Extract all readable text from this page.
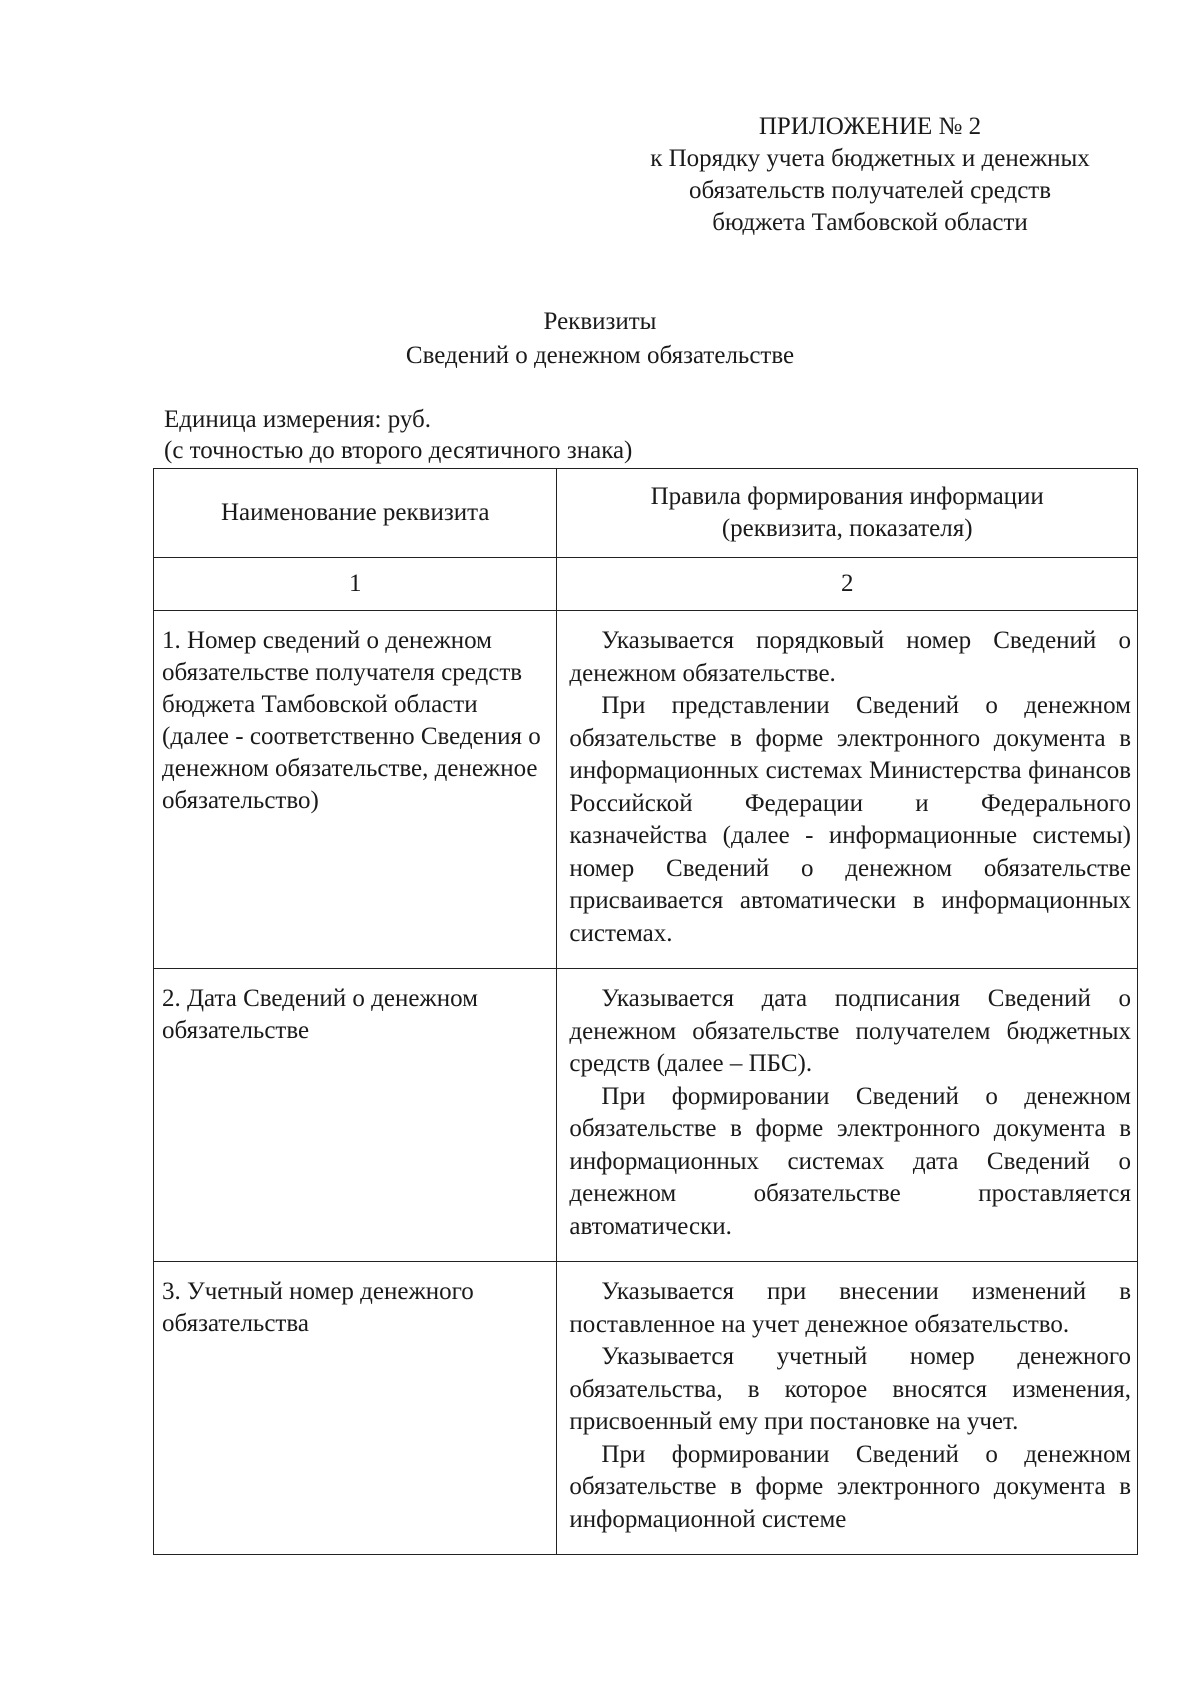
ПРИЛОЖЕНИЕ № 2
к Порядку учета бюджетных и денежных
обязательств получателей средств
бюджета Тамбовской области
Реквизиты
Сведений о денежном обязательстве
Единица измерения: руб.
(с точностью до второго десятичного знака)
Наименование реквизита	Правила формирования информации (реквизита, показателя)
1	2
1. Номер сведений о денежном обязательстве получателя средств бюджета Тамбовской области (далее - соответственно Сведения о денежном обязательстве, денежное обязательство)	Указывается порядковый номер Сведений о денежном обязательстве.

При представлении Сведений о денежном обязательстве в форме электронного документа в информационных системах Министерства финансов Российской Федерации и Федерального казначейства (далее - информационные системы) номер Сведений о денежном обязательстве присваивается автоматически в информационных системах.

2. Дата Сведений о денежном обязательстве	Указывается дата подписания Сведений о денежном обязательстве получателем бюджетных средств (далее – ПБС).

При формировании Сведений о денежном обязательстве в форме электронного документа в информационных системах дата Сведений о денежном обязательстве проставляется автоматически.

3. Учетный номер денежного обязательства	Указывается при внесении изменений в поставленное на учет денежное обязательство.

Указывается учетный номер денежного обязательства, в которое вносятся изменения, присвоенный ему при постановке на учет.

При формировании Сведений о денежном обязательстве в форме электронного документа в информационной системе
